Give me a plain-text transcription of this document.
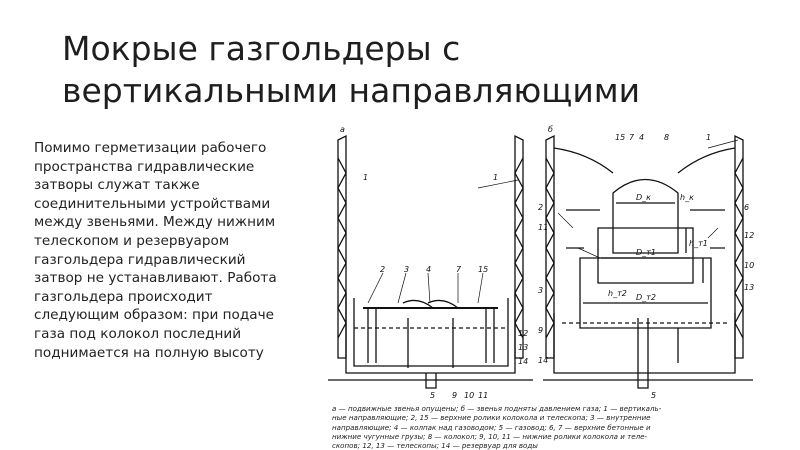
Мокрые газгольдеры с
вертикальными направляющими
Помимо герметизации рабочего
пространства гидравлические
затворы служат также
соединительными устройствами
между звеньями. Между нижним
телескопом и резервуаром
газгольдера гидравлический
затвор не устанавливают. Работа
газгольдера происходит
следующим образом: при подаче
газа под колокол последний
поднимается на полную высоту
а	б
1	1
2 3 4	7 15
12
13
14
5 9 10 11
15 7 4 8	1
2	6
11
12
3
10
13
9
14
5
h_к
D_к
h_т1
D_т1
h_т2 D_т2
а — подвижные звенья опущены; б — звенья подняты давлением газа; 1 — вертикаль-
ные направляющие; 2, 15 — верхние ролики колокола и телескопа; 3 — внутренние
направляющие; 4 — колпак над газоводом; 5 — газовод; 6, 7 — верхние бетонные и
нижние чугунные грузы; 8 — колокол; 9, 10, 11 — нижние ролики колокола и теле-
скопов; 12, 13 — телескопы; 14 — резервуар для воды
